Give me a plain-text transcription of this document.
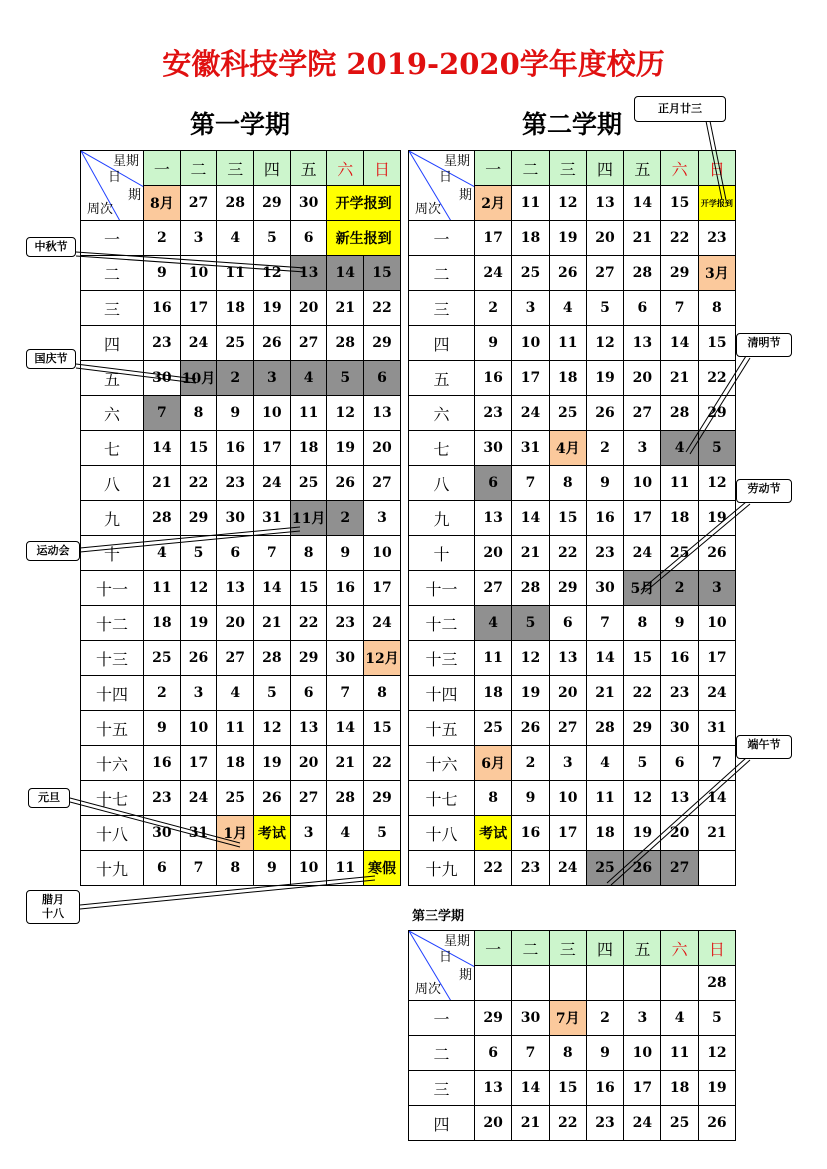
安徽科技学院 2019-2020学年度校历
第一学期	第二学期
第三学期
星期
日
期
周次	一	二	三	四	五	六	日
	8月	27	28	29	30	开学报到	
一	2	3	4	5	6	新生报到	
二	9	10	11	12	13	14	15
三	16	17	18	19	20	21	22
四	23	24	25	26	27	28	29
五	30	10月	2	3	4	5	6
六	7	8	9	10	11	12	13
七	14	15	16	17	18	19	20
八	21	22	23	24	25	26	27
九	28	29	30	31	11月	2	3
十	4	5	6	7	8	9	10
十一	11	12	13	14	15	16	17
十二	18	19	20	21	22	23	24
十三	25	26	27	28	29	30	12月
十四	2	3	4	5	6	7	8
十五	9	10	11	12	13	14	15
十六	16	17	18	19	20	21	22
十七	23	24	25	26	27	28	29
十八	30	31	1月	考试	3	4	5
十九	6	7	8	9	10	11	寒假
星期
日
期
周次	一	二	三	四	五	六	日
	2月	11	12	13	14	15	开学报到
一	17	18	19	20	21	22	23
二	24	25	26	27	28	29	3月
三	2	3	4	5	6	7	8
四	9	10	11	12	13	14	15
五	16	17	18	19	20	21	22
六	23	24	25	26	27	28	29
七	30	31	4月	2	3	4	5
八	6	7	8	9	10	11	12
九	13	14	15	16	17	18	19
十	20	21	22	23	24	25	26
十一	27	28	29	30	5月	2	3
十二	4	5	6	7	8	9	10
十三	11	12	13	14	15	16	17
十四	18	19	20	21	22	23	24
十五	25	26	27	28	29	30	31
十六	6月	2	3	4	5	6	7
十七	8	9	10	11	12	13	14
十八	考试	16	17	18	19	20	21
十九	22	23	24	25	26	27	
星期
日
期
周次	一	二	三	四	五	六	日
							28
一	29	30	7月	2	3	4	5
二	6	7	8	9	10	11	12
三	13	14	15	16	17	18	19
四	20	21	22	23	24	25	26
中秋节
国庆节
运动会
元旦
腊月
十八
正月廿三
清明节
劳动节
端午节
